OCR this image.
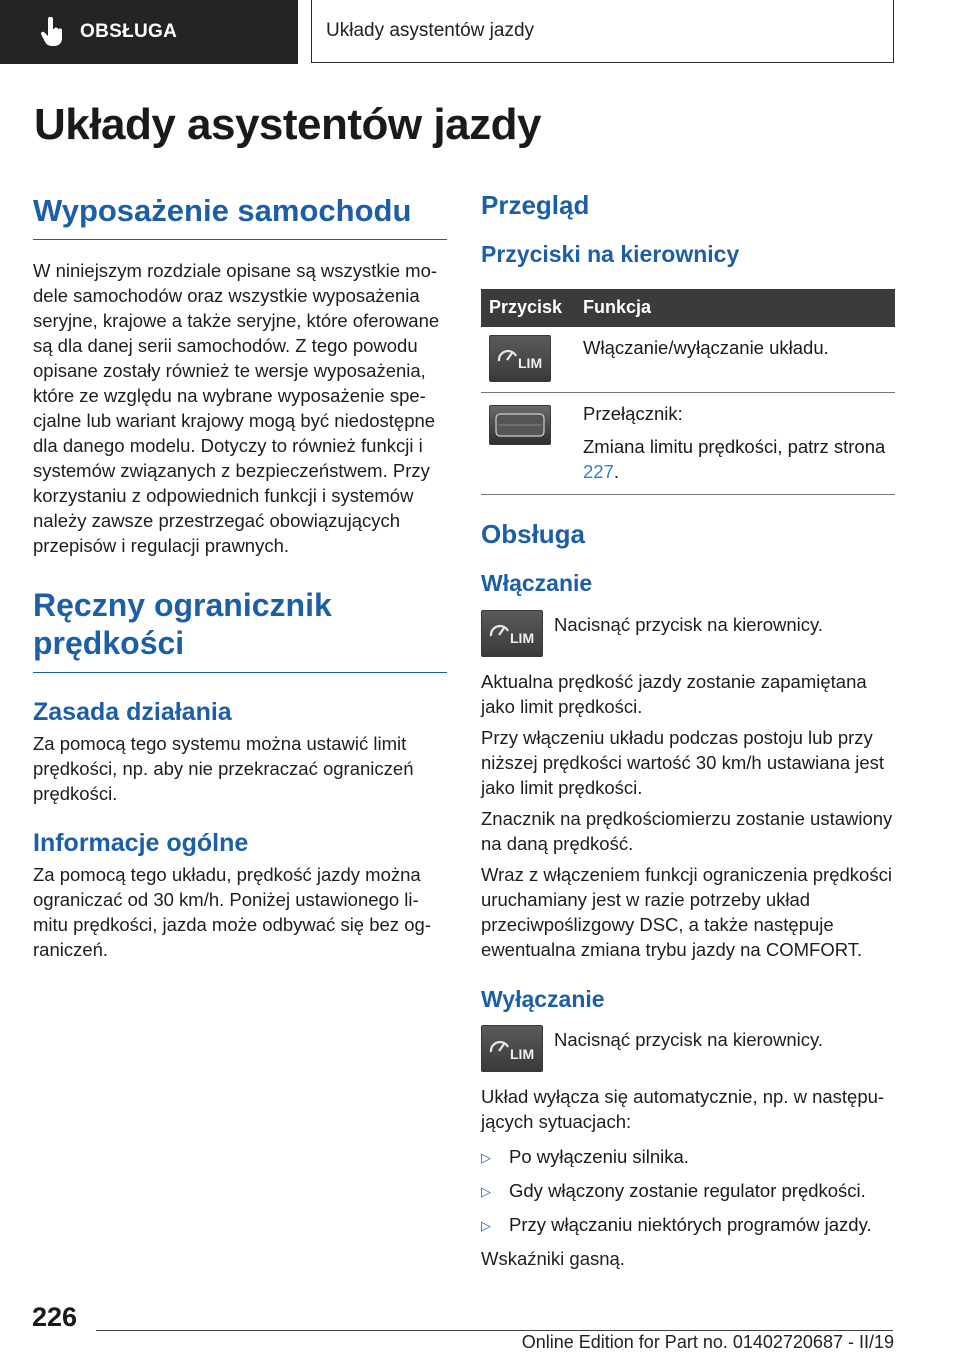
OBSŁUGA	Układy asystentów jazdy
Układy asystentów jazdy
Wyposażenie samochodu

W niniejszym rozdziale opisane są wszystkie modele samochodów oraz wszystkie wyposażenia seryjne, krajowe a także seryjne, które oferowane są dla danej serii samochodów. Z tego powodu opisane zostały również te wersje wyposażenia, które ze względu na wybrane wyposażenie specjalne lub wariant krajowy mogą być niedostępne dla danego modelu. Dotyczy to również funkcji i systemów związanych z bezpieczeństwem. Przy korzystaniu z odpowiednich funkcji i systemów należy zawsze przestrzegać obowiązujących przepisów i regulacji prawnych.

Ręczny ogranicznik prędkości
Zasada działania

Za pomocą tego systemu można ustawić limit prędkości, np. aby nie przekraczać ograniczeń prędkości.

Informacje ogólne

Za pomocą tego układu, prędkość jazdy można ograniczać od 30 km/h. Poniżej ustawionego limitu prędkości, jazda może odbywać się bez ograniczeń.

Przegląd
Przyciski na kierownicy
Przycisk	Funkcja

LIM	Włączanie/wyłączanie układu.

Przełącznik:
Zmiana limitu prędkości, patrz strona 227.
Obsługa
Włączanie
LIM

Nacisnąć przycisk na kierownicy.

Aktualna prędkość jazdy zostanie zapamiętana jako limit prędkości.

Przy włączeniu układu podczas postoju lub przy niższej prędkości wartość 30 km/h ustawiana jest jako limit prędkości.

Znacznik na prędkościomierzu zostanie ustawiony na daną prędkość.

Wraz z włączeniem funkcji ograniczenia prędkości uruchamiany jest w razie potrzeby układ przeciwpoślizgowy DSC, a także następuje ewentualna zmiana trybu jazdy na COMFORT.

Wyłączanie
LIM

Nacisnąć przycisk na kierownicy.

Układ wyłącza się automatycznie, np. w następujących sytuacjach:

▷ Po wyłączeniu silnika.
▷ Gdy włączony zostanie regulator prędkości.
▷ Przy włączaniu niektórych programów jazdy.

Wskaźniki gasną.

226
Online Edition for Part no. 01402720687 - II/19
